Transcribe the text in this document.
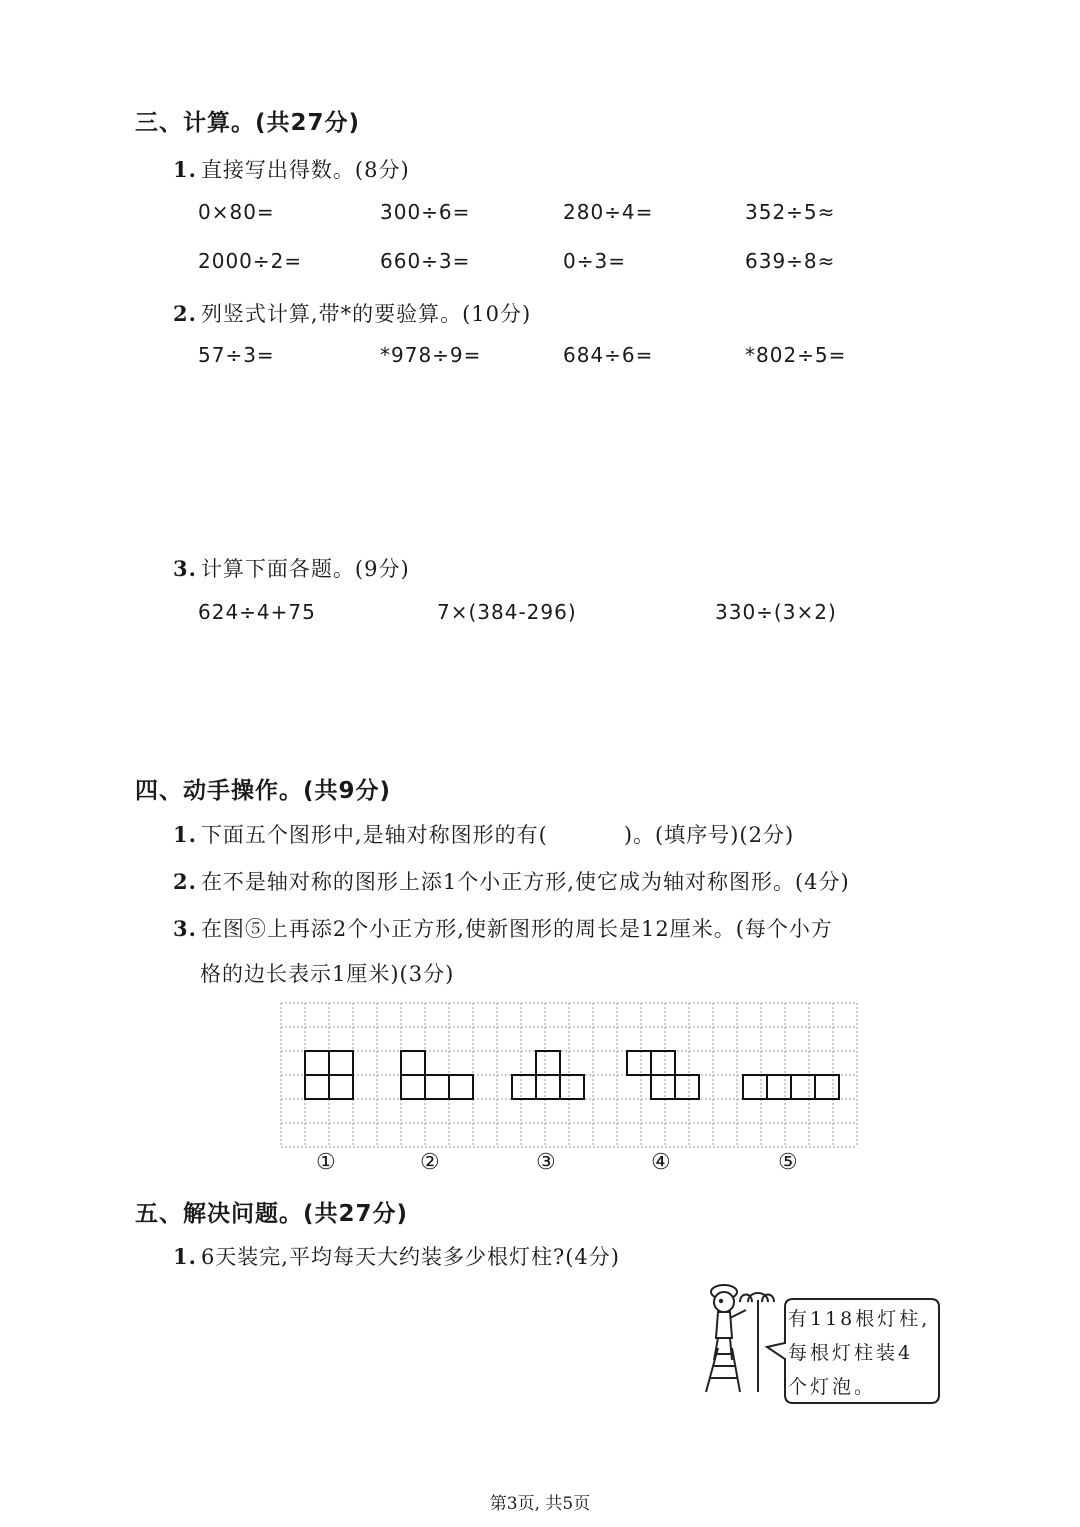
三、计算。(共27分)
1. 直接写出得数。(8分)
0×80=	300÷6=	280÷4=	352÷5≈
2000÷2=	660÷3=	0÷3=	639÷8≈
2. 列竖式计算,带*的要验算。(10分)
57÷3=	*978÷9=	684÷6=	*802÷5=
3. 计算下面各题。(9分)
624÷4+75	7×(384-296)	330÷(3×2)
四、动手操作。(共9分)
1. 下面五个图形中,是轴对称图形的有(	)。(填序号)(2分)
2. 在不是轴对称的图形上添1个小正方形,使它成为轴对称图形。(4分)
3. 在图⑤上再添2个小正方形,使新图形的周长是12厘米。(每个小方
格的边长表示1厘米)(3分)
①	②	③	④	⑤
五、解决问题。(共27分)
1. 6天装完,平均每天大约装多少根灯柱?(4分)
有118根灯柱,
每根灯柱装4
个灯泡。
第3页, 共5页
